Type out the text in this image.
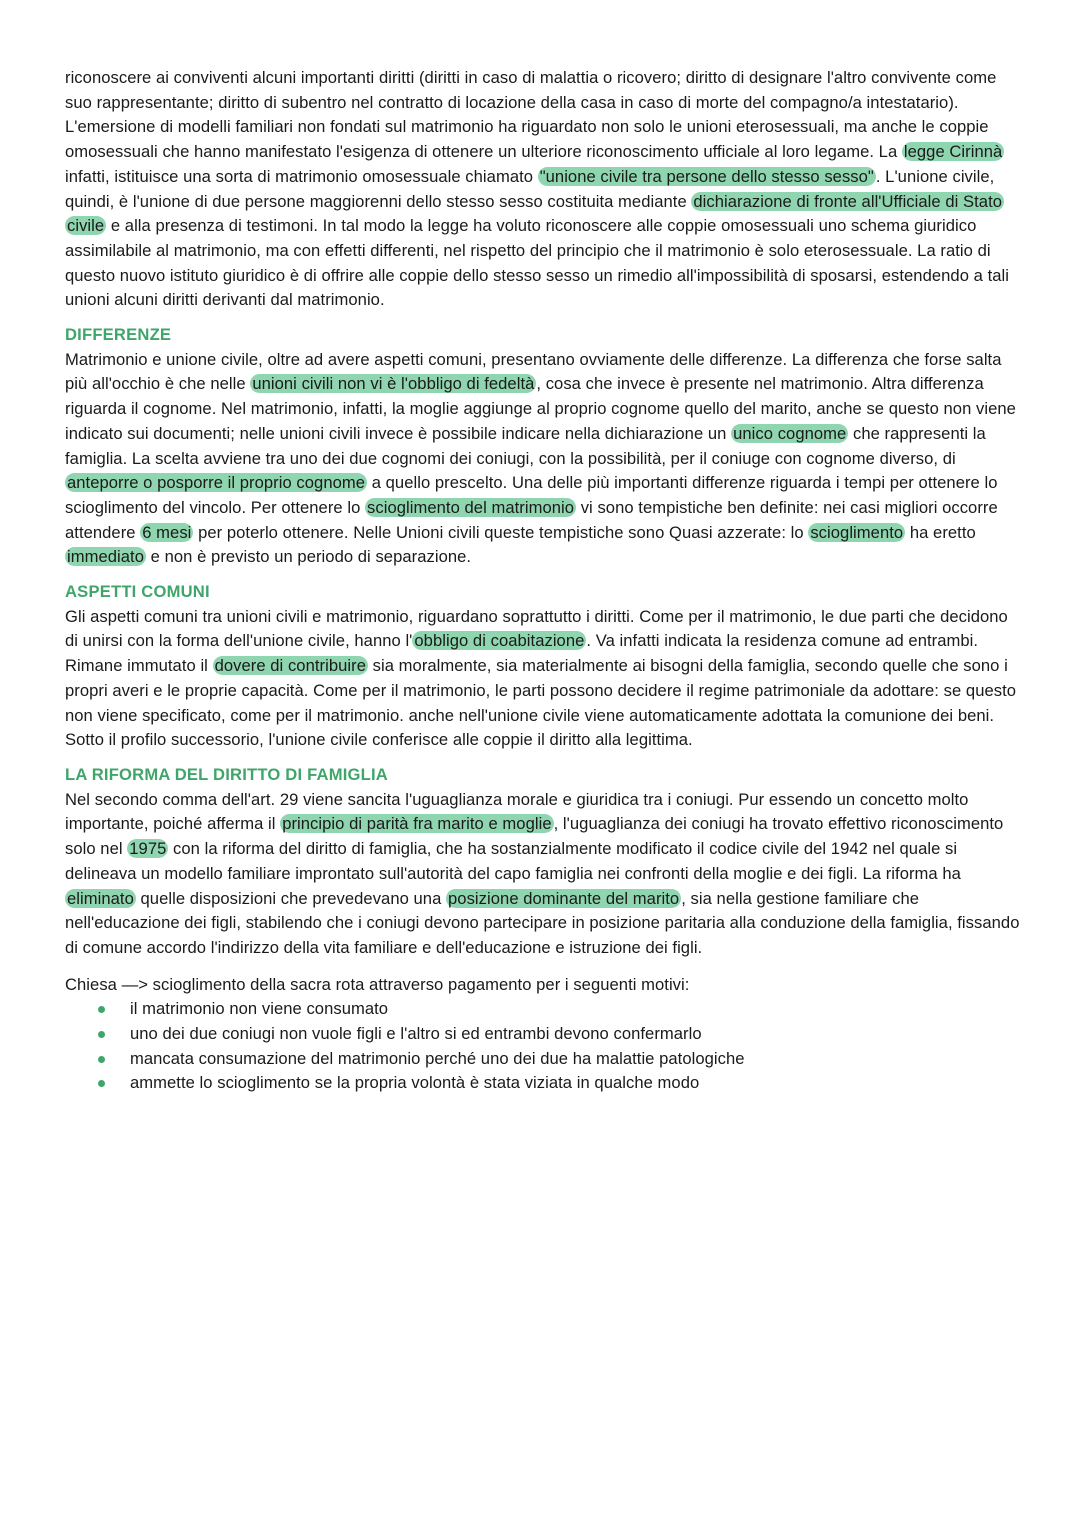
riconoscere ai conviventi alcuni importanti diritti (diritti in caso di malattia o ricovero; diritto di designare l'altro convivente come suo rappresentante; diritto di subentro nel contratto di locazione della casa in caso di morte del compagno/a intestatario).

L'emersione di modelli familiari non fondati sul matrimonio ha riguardato non solo le unioni eterosessuali, ma anche le coppie omosessuali che hanno manifestato l'esigenza di ottenere un ulteriore riconoscimento ufficiale al loro legame. La legge Cirinnà infatti, istituisce una sorta di matrimonio omosessuale chiamato "unione civile tra persone dello stesso sesso" . L'unione civile, quindi, è l'unione di due persone maggiorenni dello stesso sesso costituita mediante dichiarazione di fronte all'Ufficiale di Stato civile e alla presenza di testimoni. In tal modo la legge ha voluto riconoscere alle coppie omosessuali uno schema giuridico assimilabile al matrimonio, ma con effetti differenti, nel rispetto del principio che il matrimonio è solo eterosessuale. La ratio di questo nuovo istituto giuridico è di offrire alle coppie dello stesso sesso un rimedio all'impossibilità di sposarsi, estendendo a tali unioni alcuni diritti derivanti dal matrimonio.

DIFFERENZE

Matrimonio e unione civile, oltre ad avere aspetti comuni, presentano ovviamente delle differenze. La differenza che forse salta più all'occhio è che nelle unioni civili non vi è l'obbligo di fedeltà , cosa che invece è presente nel matrimonio. Altra differenza riguarda il cognome. Nel matrimonio, infatti, la moglie aggiunge al proprio cognome quello del marito, anche se questo non viene indicato sui documenti; nelle unioni civili invece è possibile indicare nella dichiarazione un unico cognome che rappresenti la famiglia. La scelta avviene tra uno dei due cognomi dei coniugi, con la possibilità, per il coniuge con cognome diverso, di anteporre o posporre il proprio cognome a quello prescelto. Una delle più importanti differenze riguarda i tempi per ottenere lo scioglimento del vincolo. Per ottenere lo scioglimento del matrimonio vi sono tempistiche ben definite: nei casi migliori occorre attendere 6 mesi per poterlo ottenere. Nelle Unioni civili queste tempistiche sono Quasi azzerate: lo scioglimento ha eretto immediato e non è previsto un periodo di separazione.

ASPETTI COMUNI

Gli aspetti comuni tra unioni civili e matrimonio, riguardano soprattutto i diritti. Come per il matrimonio, le due parti che decidono di unirsi con la forma dell'unione civile, hanno l' obbligo di coabitazione . Va infatti indicata la residenza comune ad entrambi. Rimane immutato il dovere di contribuire sia moralmente, sia materialmente ai bisogni della famiglia, secondo quelle che sono i propri averi e le proprie capacità. Come per il matrimonio, le parti possono decidere il regime patrimoniale da adottare: se questo non viene specificato, come per il matrimonio. anche nell'unione civile viene automaticamente adottata la comunione dei beni. Sotto il profilo successorio, l'unione civile conferisce alle coppie il diritto alla legittima.

LA RIFORMA DEL DIRITTO DI FAMIGLIA

Nel secondo comma dell'art. 29 viene sancita l'uguaglianza morale e giuridica tra i coniugi. Pur essendo un concetto molto importante, poiché afferma il principio di parità fra marito e moglie , l'uguaglianza dei coniugi ha trovato effettivo riconoscimento solo nel 1975 con la riforma del diritto di famiglia, che ha sostanzialmente modificato il codice civile del 1942 nel quale si delineava un modello familiare improntato sull'autorità del capo famiglia nei confronti della moglie e dei figli. La riforma ha eliminato quelle disposizioni che prevedevano una posizione dominante del marito , sia nella gestione familiare che nell'educazione dei figli, stabilendo che i coniugi devono partecipare in posizione paritaria alla conduzione della famiglia, fissando di comune accordo l'indirizzo della vita familiare e dell'educazione e istruzione dei figli.

Chiesa —> scioglimento della sacra rota attraverso pagamento per i seguenti motivi:

il matrimonio non viene consumato
uno dei due coniugi non vuole figli e l'altro si ed entrambi devono confermarlo
mancata consumazione del matrimonio perché uno dei due ha malattie patologiche
ammette lo scioglimento se la propria volontà è stata viziata in qualche modo
